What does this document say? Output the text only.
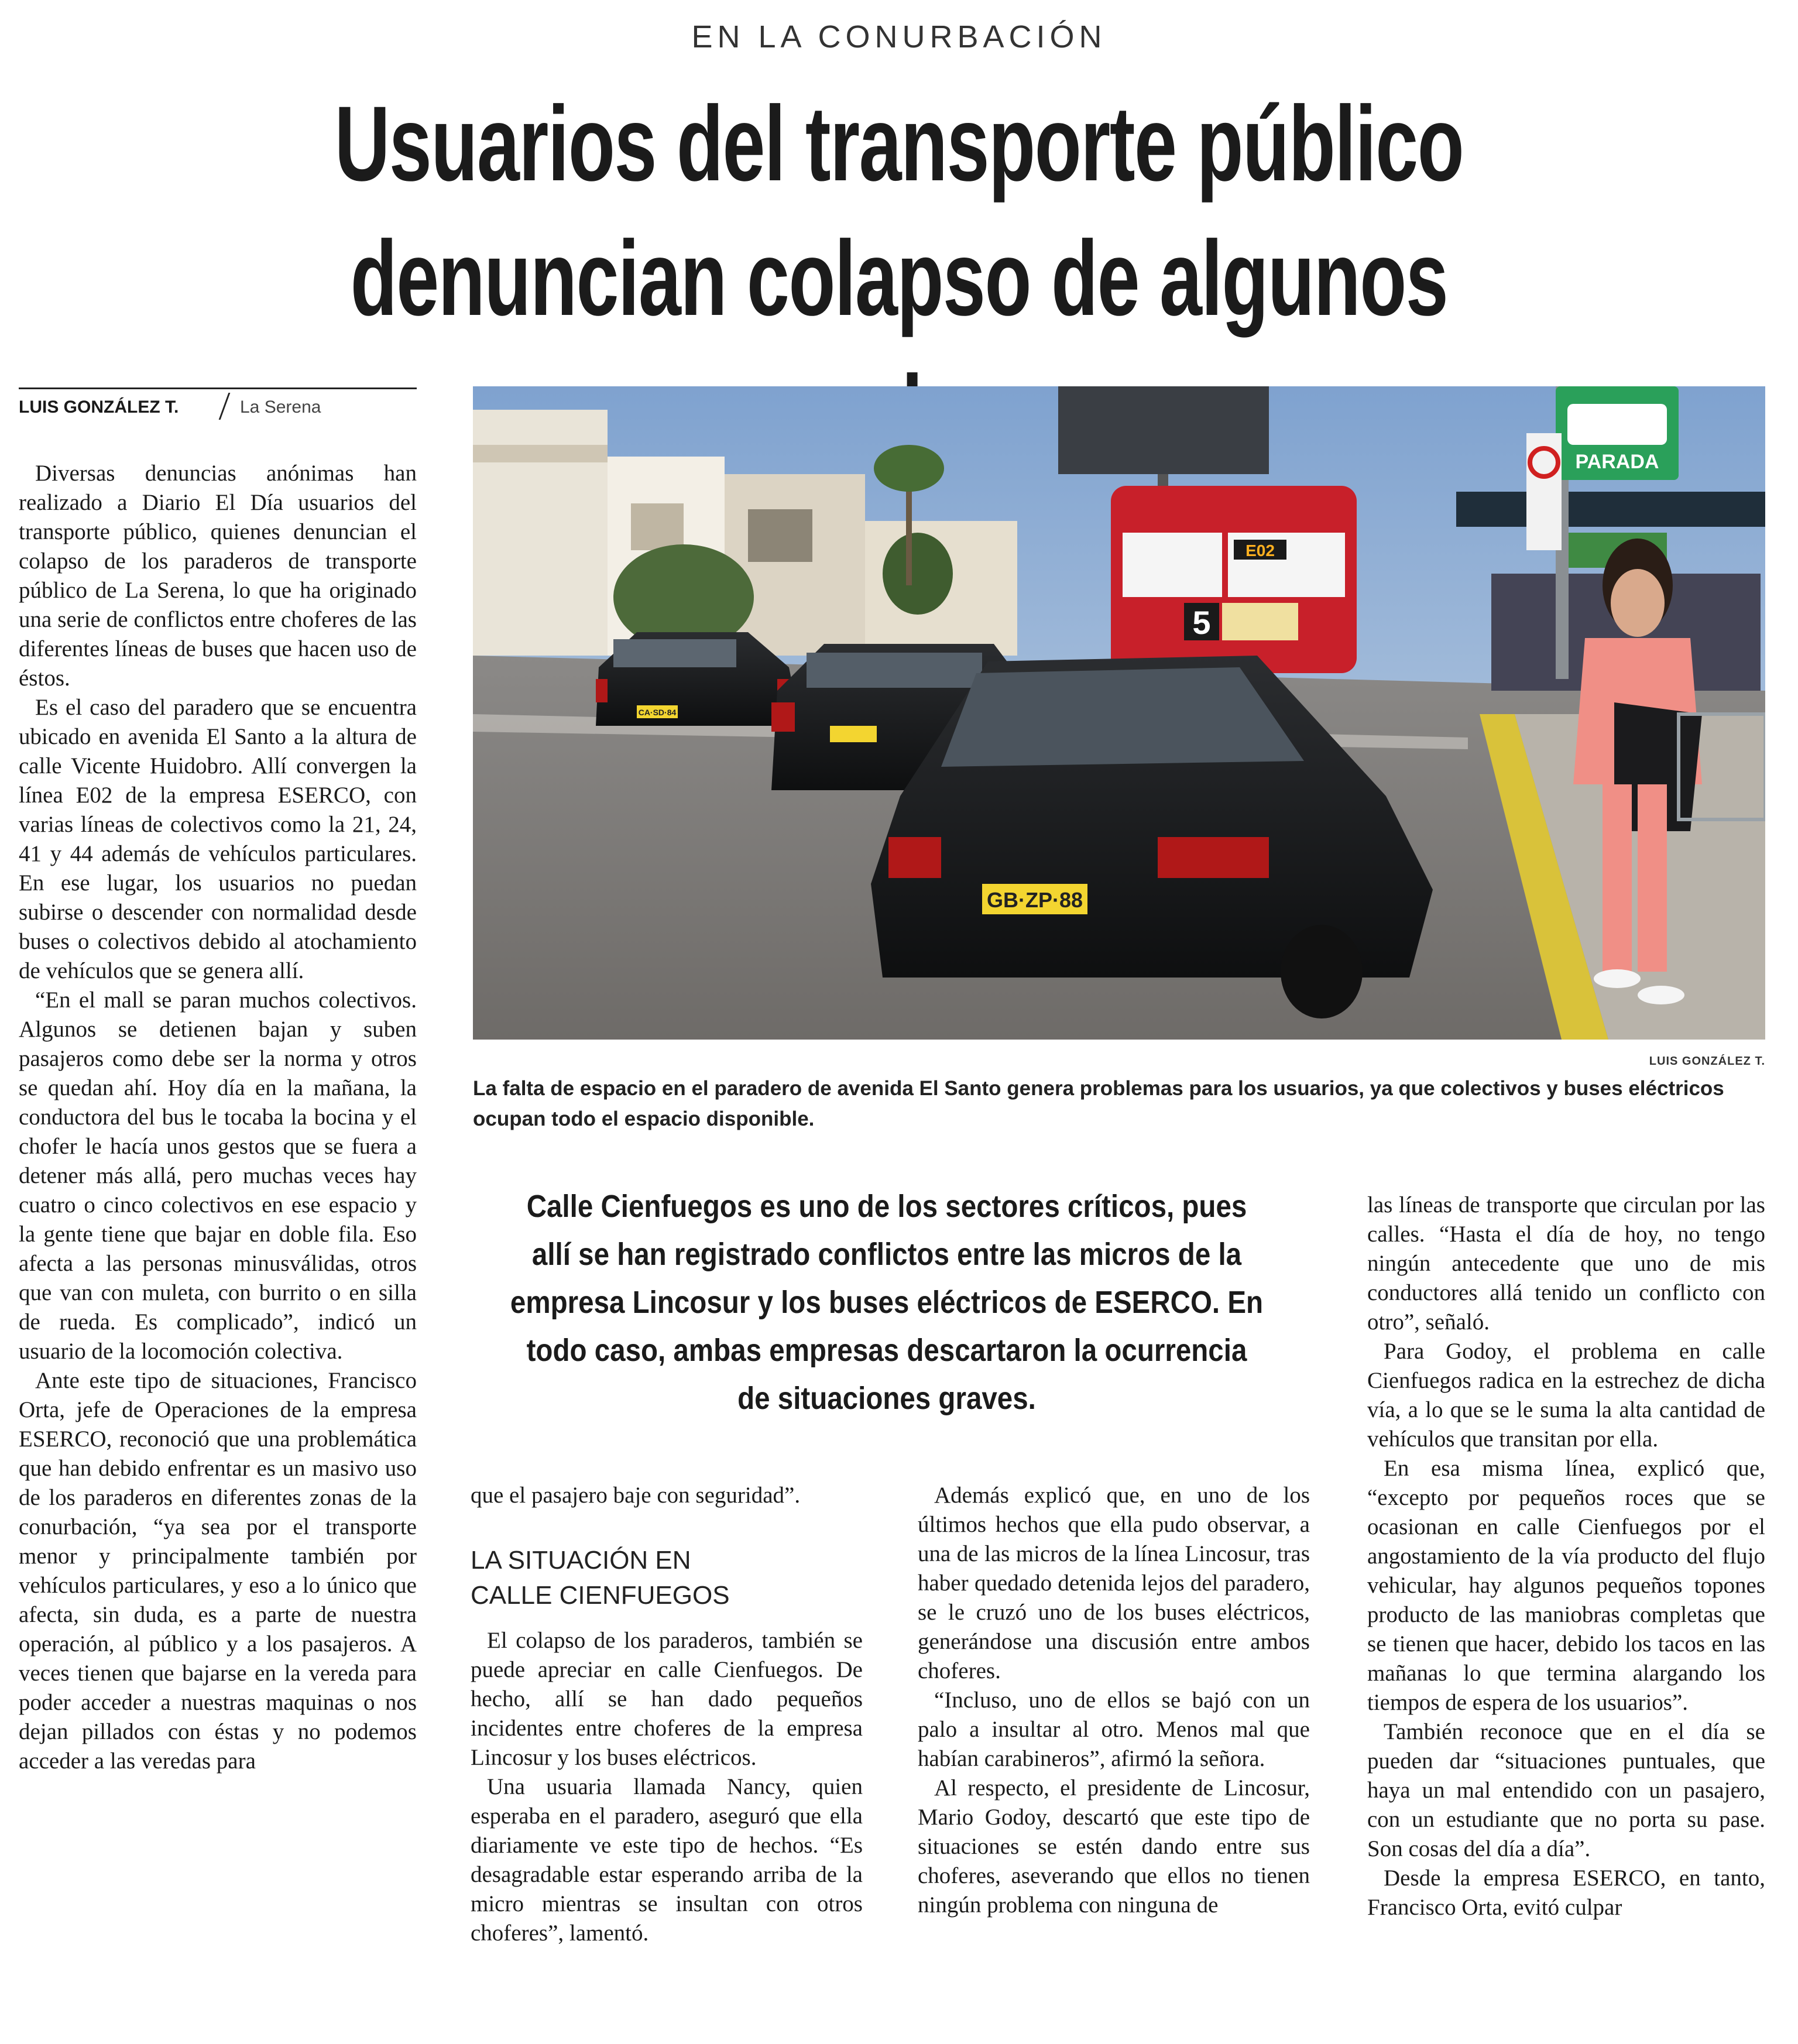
EN LA CONURBACIÓN
Usuarios del transporte público
denuncian colapso de algunos
LUIS GONZÁLEZ T.	La Serena

Diversas denuncias anónimas han realizado a Diario El Día usuarios del transporte público, quienes denuncian el colapso de los paraderos de transporte público de La Serena, lo que ha originado una serie de conflictos entre choferes de las diferentes líneas de buses que hacen uso de éstos.

Es el caso del paradero que se encuentra ubicado en avenida El Santo a la altura de calle Vicente Huidobro. Allí convergen la línea E02 de la empresa ESERCO, con varias líneas de colectivos como la 21, 24, 41 y 44 además de vehículos particulares. En ese lugar, los usuarios no puedan subirse o descender con normalidad desde buses o colectivos debido al atochamiento de vehículos que se genera allí.

“En el mall se paran muchos colectivos. Algunos se detienen bajan y suben pasajeros como debe ser la norma y otros se quedan ahí. Hoy día en la mañana, la conductora del bus le tocaba la bocina y el chofer le hacía unos gestos que se fuera a detener más allá, pero muchas veces hay cuatro o cinco colectivos en ese espacio y la gente tiene que bajar en doble fila. Eso afecta a las personas minusválidas, otros que van con muleta, con burrito o en silla de rueda. Es complicado”, indicó un usuario de la locomoción colectiva.

Ante este tipo de situaciones, Francisco Orta, jefe de Operaciones de la empresa ESERCO, reconoció que una problemática que han debido enfrentar es un masivo uso de los paraderos en diferentes zonas de la conurbación, “ya sea por el transporte menor y principalmente también por vehículos particulares, y eso a lo único que afecta, sin duda, es a parte de nuestra operación, al público y a los pasajeros. A veces tienen que bajarse en la vereda para poder acceder a nuestras maquinas o nos dejan pillados con éstas y no podemos acceder a las veredas para

E02
5
PARADA
CA·SD·84
GB·ZP·88
LUIS GONZÁLEZ T.
La falta de espacio en el paradero de avenida El Santo genera problemas para los usuarios, ya que colectivos y buses eléctricos ocupan todo el espacio disponible.
Calle Cienfuegos es uno de los sectores críticos, pues allí se han registrado conflictos entre las micros de la empresa Lincosur y los buses eléctricos de ESERCO. En todo caso, ambas empresas descartaron la ocurrencia de situaciones graves.

que el pasajero baje con seguridad”.

LA SITUACIÓN EN
CALLE CIENFUEGOS

El colapso de los paraderos, también se puede apreciar en calle Cienfuegos. De hecho, allí se han dado pequeños incidentes entre choferes de la empresa Lincosur y los buses eléctricos.

Una usuaria llamada Nancy, quien esperaba en el paradero, aseguró que ella diariamente ve este tipo de hechos. “Es desagradable estar esperando arriba de la micro mientras se insultan con otros choferes”, lamentó.

Además explicó que, en uno de los últimos hechos que ella pudo observar, a una de las micros de la línea Lincosur, tras haber quedado detenida lejos del paradero, se le cruzó uno de los buses eléctricos, generándose una discusión entre ambos choferes.

“Incluso, uno de ellos se bajó con un palo a insultar al otro. Menos mal que habían carabineros”, afirmó la señora.

Al respecto, el presidente de Lincosur, Mario Godoy, descartó que este tipo de situaciones se estén dando entre sus choferes, aseverando que ellos no tienen ningún problema con ninguna de

las líneas de transporte que circulan por las calles. “Hasta el día de hoy, no tengo ningún antecedente que uno de mis conductores allá tenido un conflicto con otro”, señaló.

Para Godoy, el problema en calle Cienfuegos radica en la estrechez de dicha vía, a lo que se le suma la alta cantidad de vehículos que transitan por ella.

En esa misma línea, explicó que, “excepto por pequeños roces que se ocasionan en calle Cienfuegos por el angostamiento de la vía producto del flujo vehicular, hay algunos pequeños topones producto de las maniobras completas que se tienen que hacer, debido los tacos en las mañanas lo que termina alargando los tiempos de espera de los usuarios”.

También reconoce que en el día se pueden dar “situaciones puntuales, que haya un mal entendido con un pasajero, con un estudiante que no porta su pase. Son cosas del día a día”.

Desde la empresa ESERCO, en tanto, Francisco Orta, evitó culpar
